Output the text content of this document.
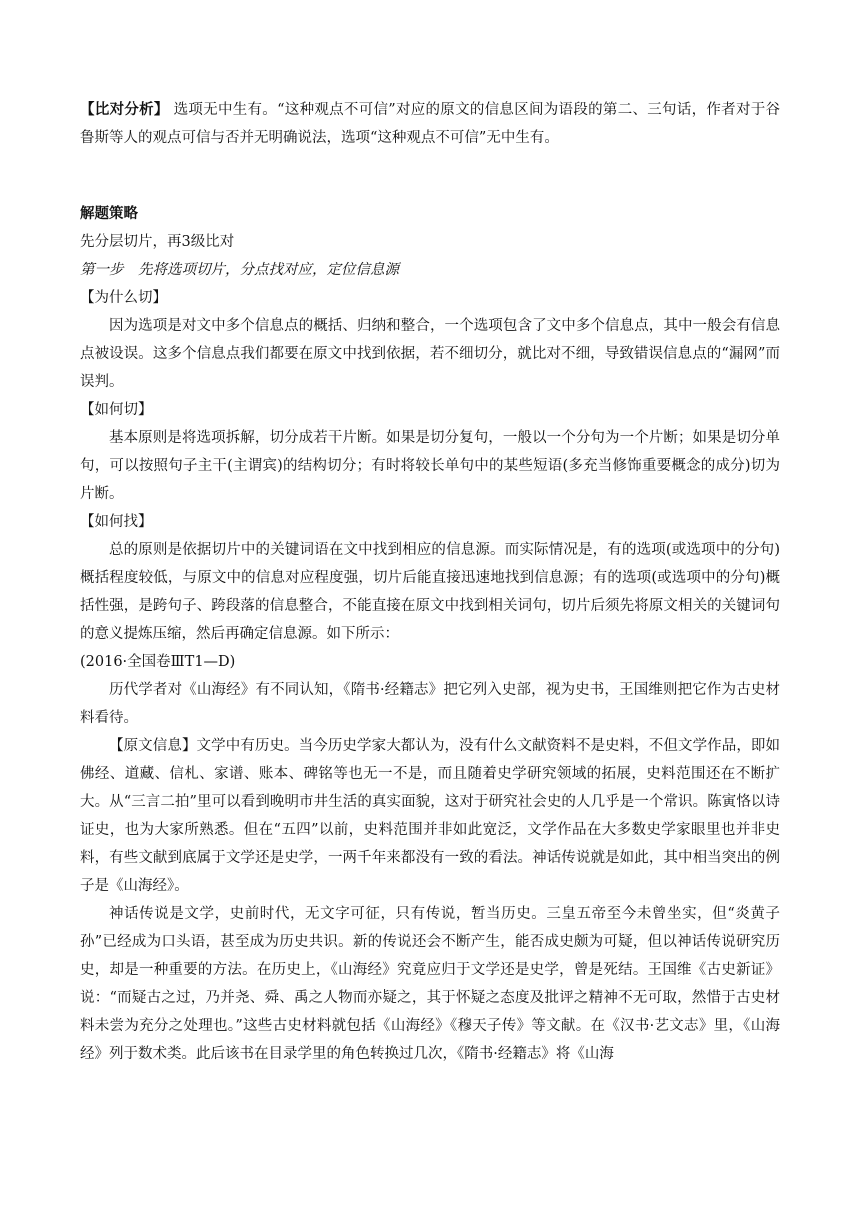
【比对分析】 选项无中生有。“这种观点不可信”对应的原文的信息区间为语段的第二、三句话，作者对于谷鲁斯等人的观点可信与否并无明确说法，选项“这种观点不可信”无中生有。

解题策略

先分层切片，再3级比对

第一步　先将选项切片，分点找对应，定位信息源

【为什么切】

因为选项是对文中多个信息点的概括、归纳和整合，一个选项包含了文中多个信息点，其中一般会有信息点被设误。这多个信息点我们都要在原文中找到依据，若不细切分，就比对不细，导致错误信息点的“漏网”而误判。

【如何切】

基本原则是将选项拆解，切分成若干片断。如果是切分复句，一般以一个分句为一个片断；如果是切分单句，可以按照句子主干(主谓宾)的结构切分；有时将较长单句中的某些短语(多充当修饰重要概念的成分)切为片断。

【如何找】

总的原则是依据切片中的关键词语在文中找到相应的信息源。而实际情况是，有的选项(或选项中的分句)概括程度较低，与原文中的信息对应程度强，切片后能直接迅速地找到信息源；有的选项(或选项中的分句)概括性强，是跨句子、跨段落的信息整合，不能直接在原文中找到相关词句，切片后须先将原文相关的关键词句的意义提炼压缩，然后再确定信息源。如下所示：

(2016·全国卷ⅢT1—D)

历代学者对《山海经》有不同认知，《隋书·经籍志》把它列入史部，视为史书，王国维则把它作为古史材料看待。

【原文信息】文学中有历史。当今历史学家大都认为，没有什么文献资料不是史料，不但文学作品，即如佛经、道藏、信札、家谱、账本、碑铭等也无一不是，而且随着史学研究领域的拓展，史料范围还在不断扩大。从“三言二拍”里可以看到晚明市井生活的真实面貌，这对于研究社会史的人几乎是一个常识。陈寅恪以诗证史，也为大家所熟悉。但在“五四”以前，史料范围并非如此宽泛，文学作品在大多数史学家眼里也并非史料，有些文献到底属于文学还是史学，一两千年来都没有一致的看法。神话传说就是如此，其中相当突出的例子是《山海经》。

神话传说是文学，史前时代，无文字可征，只有传说，暂当历史。三皇五帝至今未曾坐实，但“炎黄子孙”已经成为口头语，甚至成为历史共识。新的传说还会不断产生，能否成史颇为可疑，但以神话传说研究历史，却是一种重要的方法。在历史上，《山海经》究竟应归于文学还是史学，曾是死结。王国维《古史新证》说：“而疑古之过，乃并尧、舜、禹之人物而亦疑之，其于怀疑之态度及批评之精神不无可取，然惜于古史材料未尝为充分之处理也。”这些古史材料就包括《山海经》《穆天子传》等文献。在《汉书·艺文志》里，《山海经》列于数术类。此后该书在目录学里的角色转换过几次，《隋书·经籍志》将《山海
